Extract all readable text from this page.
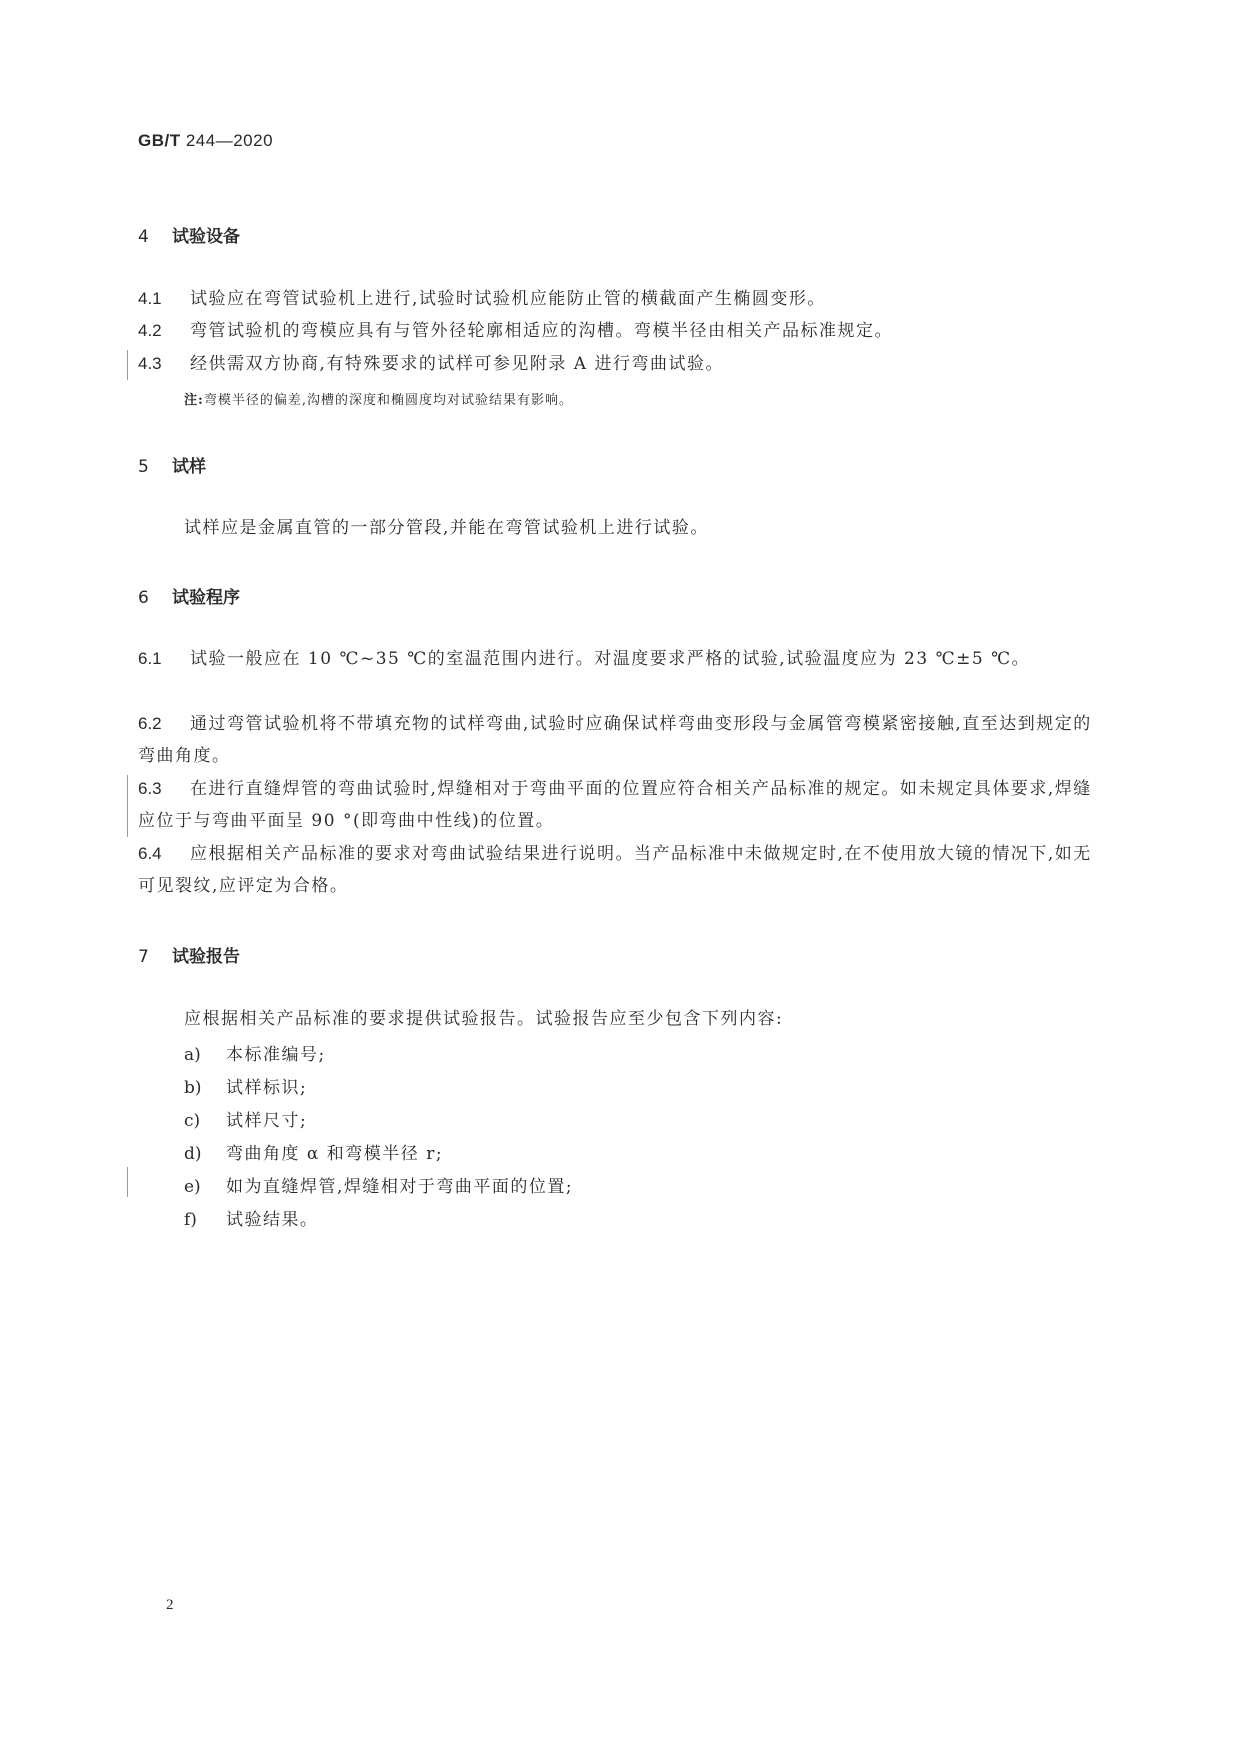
GB/T 244—2020
4 试验设备
4.1 试验应在弯管试验机上进行,试验时试验机应能防止管的横截面产生椭圆变形。
4.2 弯管试验机的弯模应具有与管外径轮廓相适应的沟槽。弯模半径由相关产品标准规定。
4.3 经供需双方协商,有特殊要求的试样可参见附录 A 进行弯曲试验。
注:弯模半径的偏差,沟槽的深度和椭圆度均对试验结果有影响。
5 试样
试样应是金属直管的一部分管段,并能在弯管试验机上进行试验。
6 试验程序
6.1 试验一般应在 10 ℃~35 ℃的室温范围内进行。对温度要求严格的试验,试验温度应为 23 ℃±5 ℃。
6.2 通过弯管试验机将不带填充物的试样弯曲,试验时应确保试样弯曲变形段与金属管弯模紧密接触,直至达到规定的弯曲角度。
6.3 在进行直缝焊管的弯曲试验时,焊缝相对于弯曲平面的位置应符合相关产品标准的规定。如未规定具体要求,焊缝应位于与弯曲平面呈 90 °(即弯曲中性线)的位置。
6.4 应根据相关产品标准的要求对弯曲试验结果进行说明。当产品标准中未做规定时,在不使用放大镜的情况下,如无可见裂纹,应评定为合格。
7 试验报告
应根据相关产品标准的要求提供试验报告。试验报告应至少包含下列内容:
a) 本标准编号;
b) 试样标识;
c) 试样尺寸;
d) 弯曲角度 α 和弯模半径 r;
e) 如为直缝焊管,焊缝相对于弯曲平面的位置;
f) 试验结果。
2
